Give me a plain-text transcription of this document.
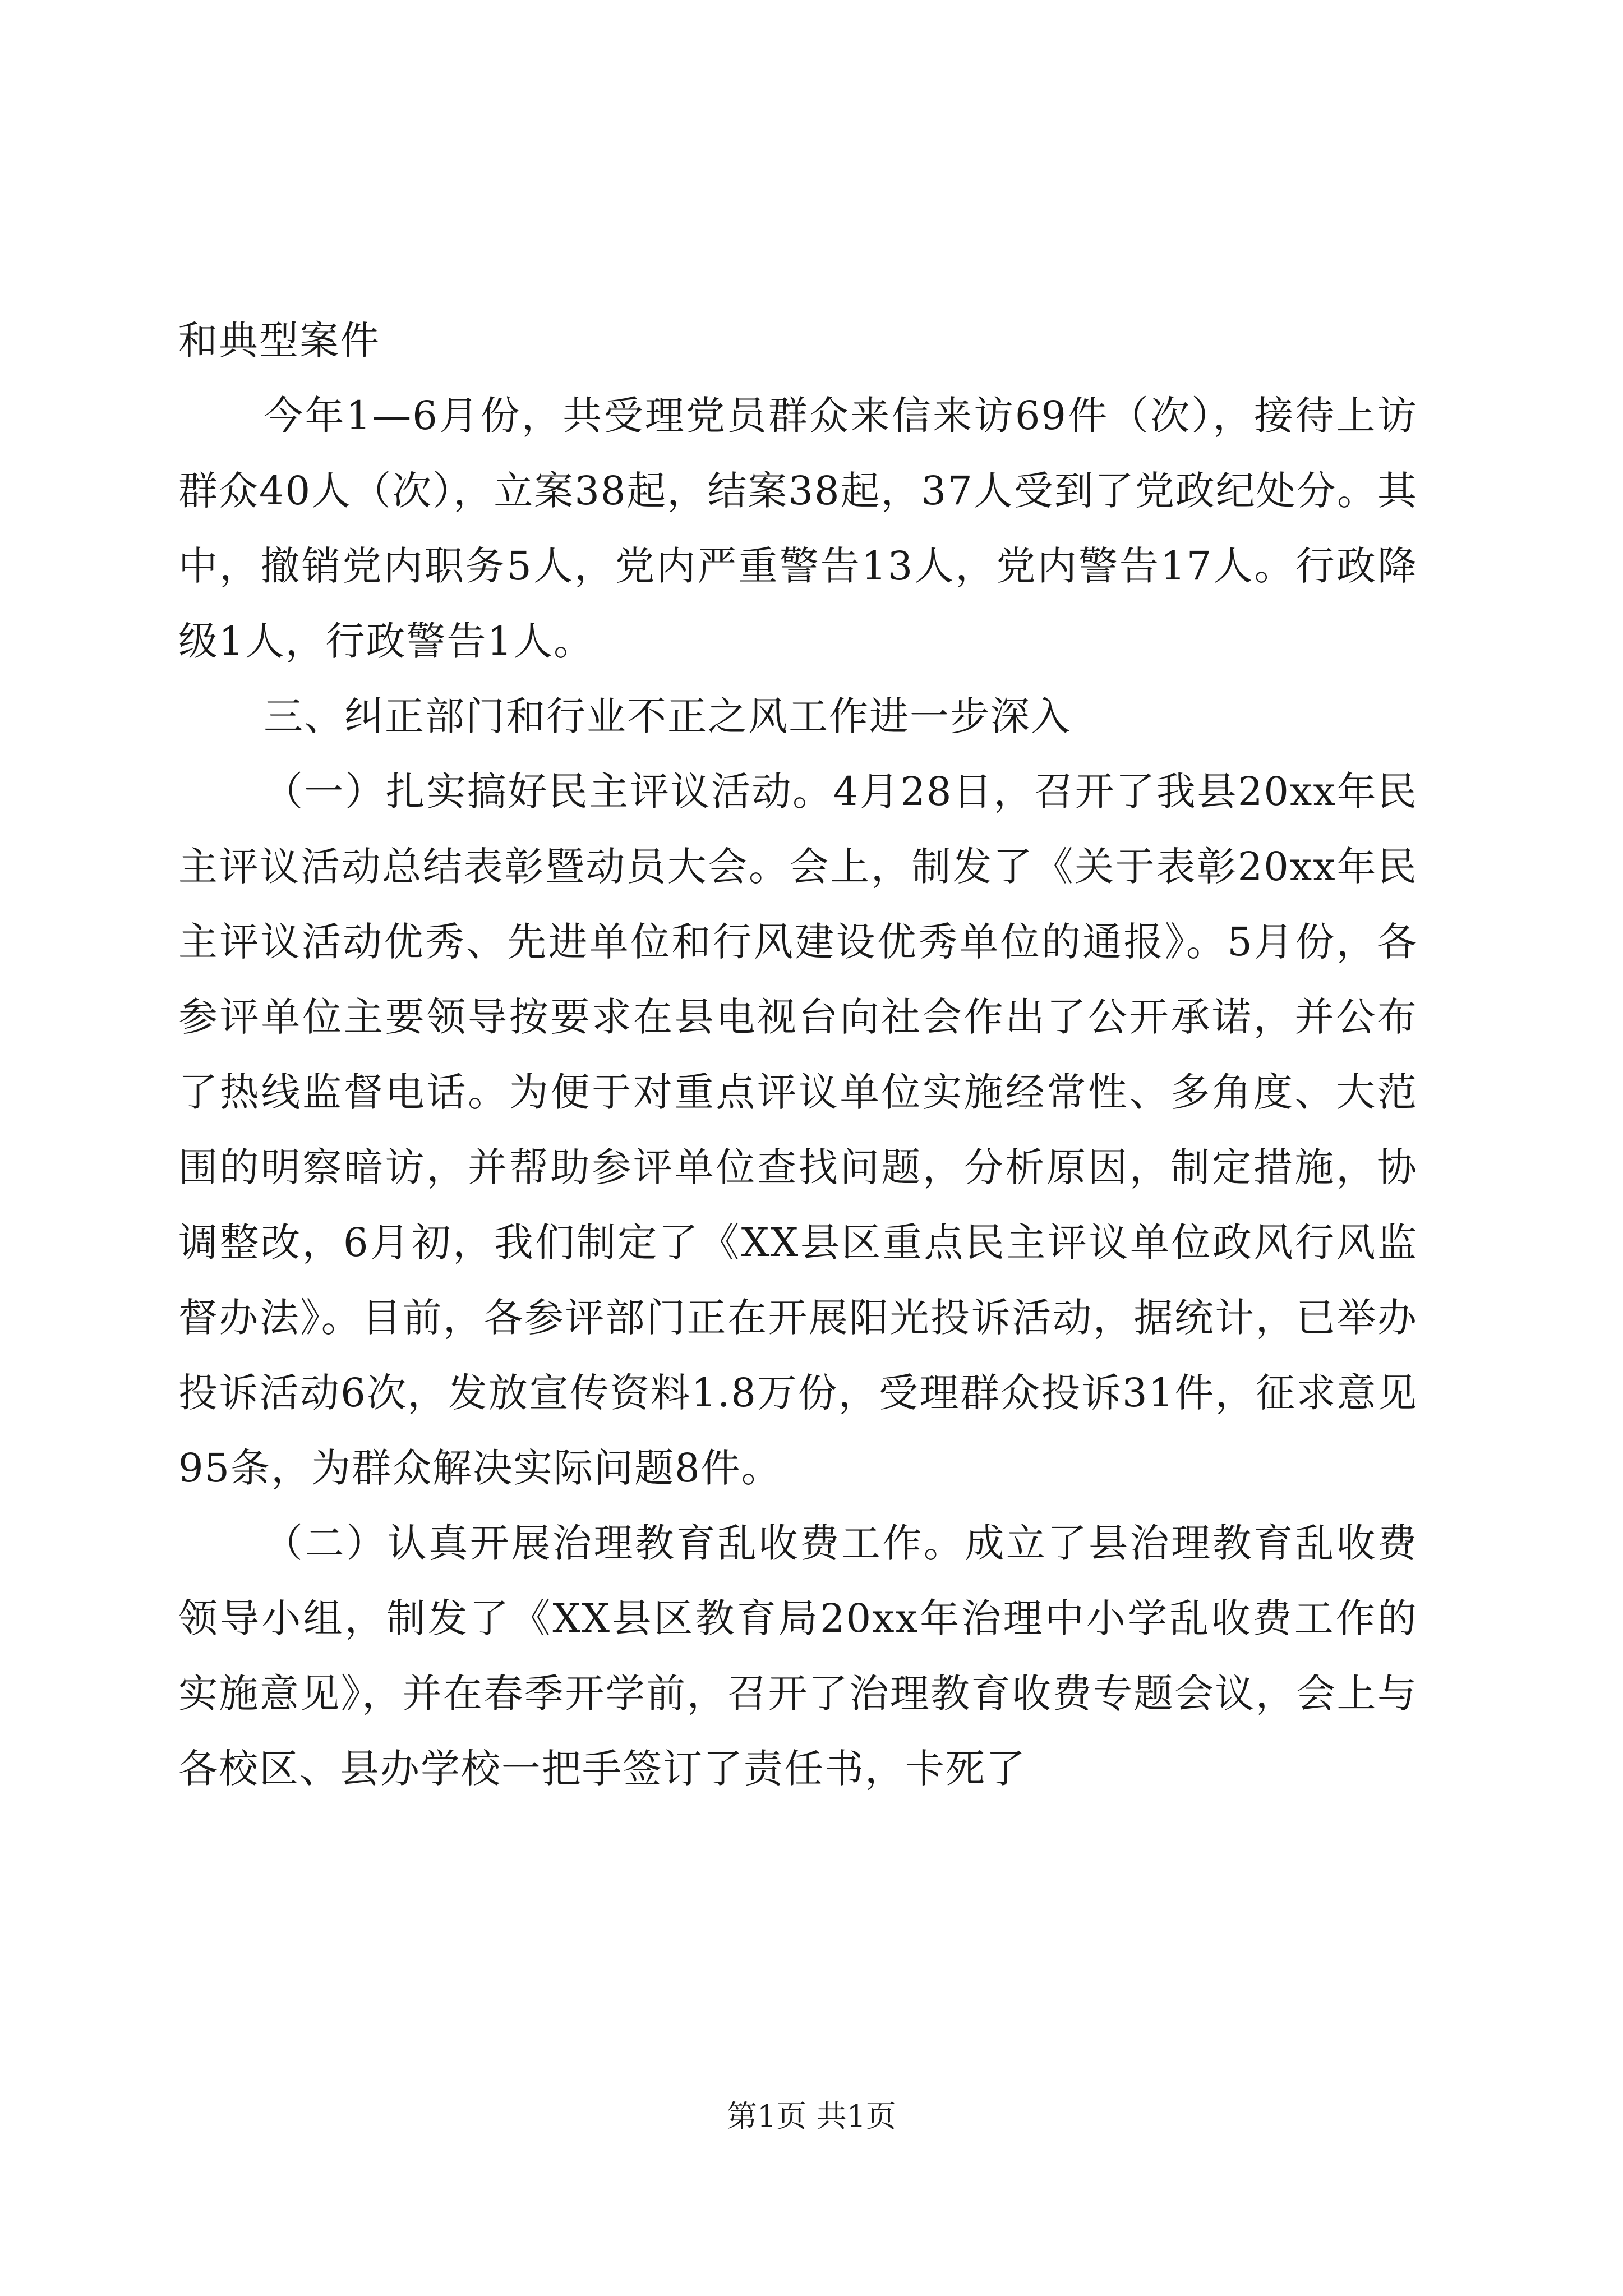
和典型案件

今年1—6月份，共受理党员群众来信来访69件（次），接待上访群众40人（次），立案38起，结案38起，37人受到了党政纪处分。其中，撤销党内职务5人，党内严重警告13人，党内警告17人。行政降级1人，行政警告1人。

三、纠正部门和行业不正之风工作进一步深入

（一）扎实搞好民主评议活动。4月28日，召开了我县20xx年民主评议活动总结表彰暨动员大会。会上，制发了《关于表彰20xx年民主评议活动优秀、先进单位和行风建设优秀单位的通报》。5月份，各参评单位主要领导按要求在县电视台向社会作出了公开承诺，并公布了热线监督电话。为便于对重点评议单位实施经常性、多角度、大范围的明察暗访，并帮助参评单位查找问题，分析原因，制定措施，协调整改，6月初，我们制定了《XX县区重点民主评议单位政风行风监督办法》。目前，各参评部门正在开展阳光投诉活动，据统计，已举办投诉活动6次，发放宣传资料1.8万份，受理群众投诉31件，征求意见95条，为群众解决实际问题8件。

（二）认真开展治理教育乱收费工作。成立了县治理教育乱收费领导小组，制发了《XX县区教育局20xx年治理中小学乱收费工作的实施意见》，并在春季开学前，召开了治理教育收费专题会议，会上与各校区、县办学校一把手签订了责任书，卡死了

第1页 共1页
